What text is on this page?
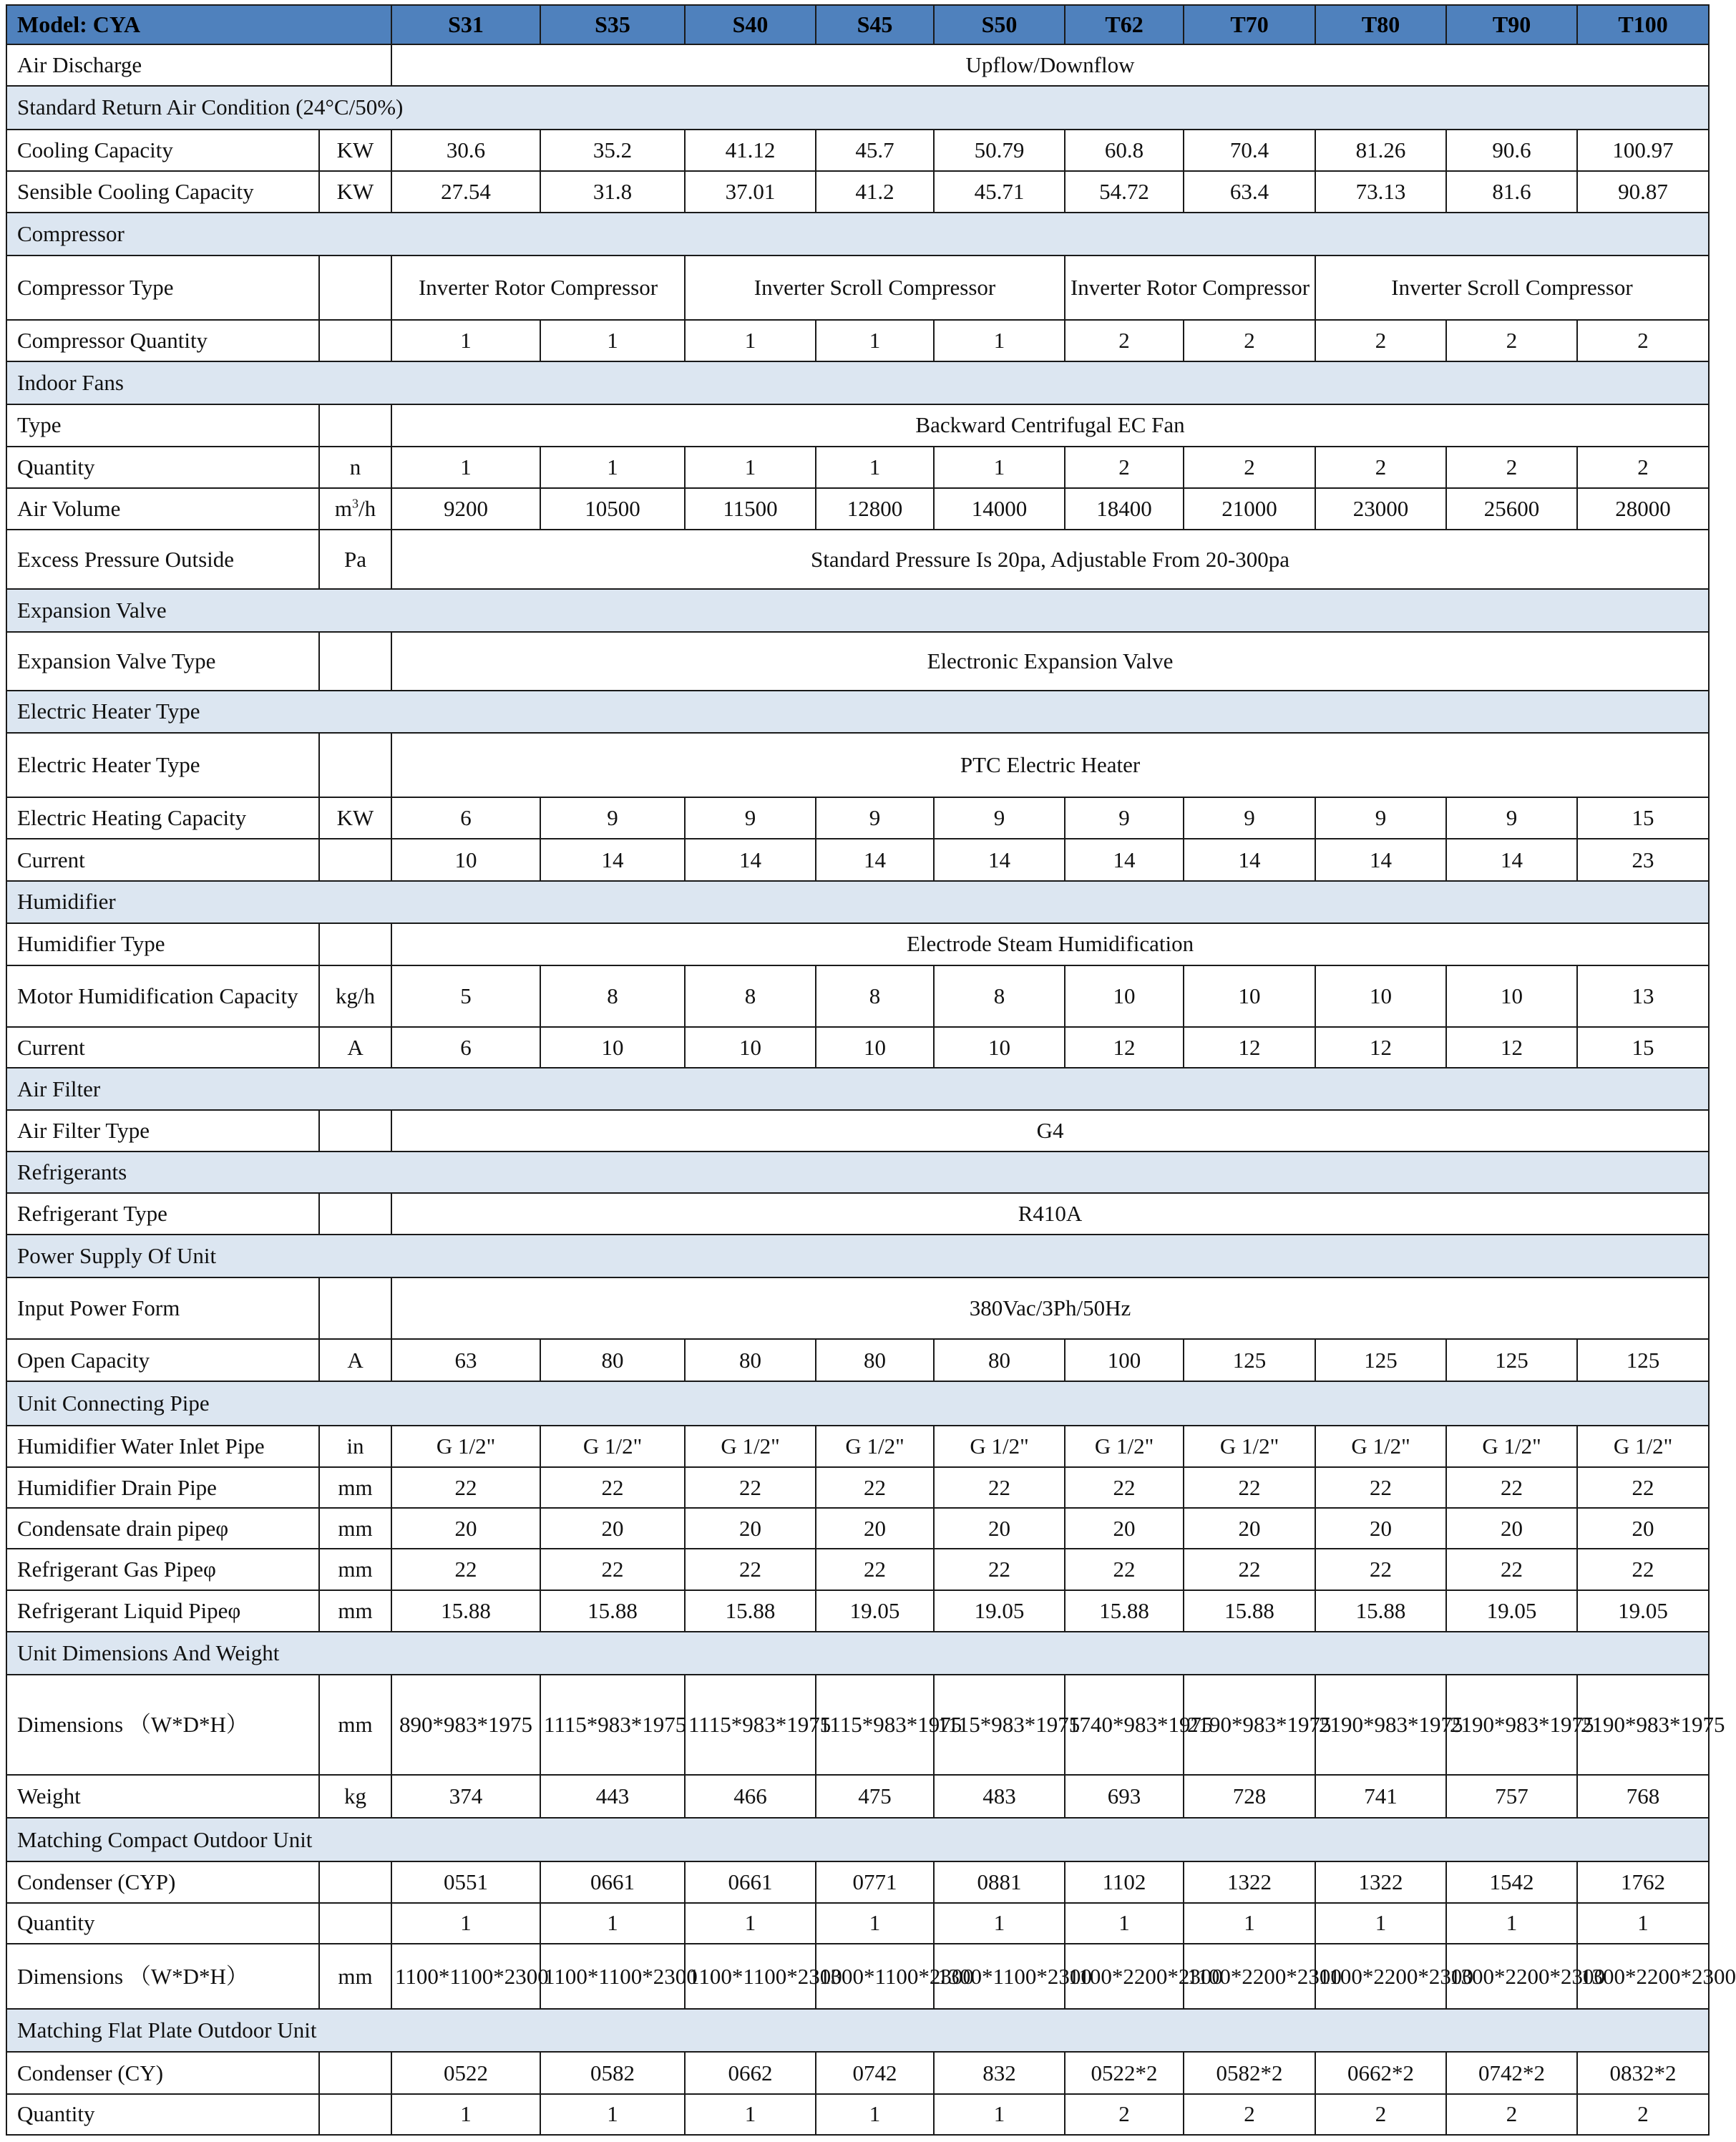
Model: CYA		S31	S35	S40	S45	S50	T62	T70	T80	T90	T100
Air Discharge		Upflow/Downflow									
Standard Return Air Condition (24°C/50%)											
Cooling Capacity	KW	30.6	35.2	41.12	45.7	50.79	60.8	70.4	81.26	90.6	100.97
Sensible Cooling Capacity	KW	27.54	31.8	37.01	41.2	45.71	54.72	63.4	73.13	81.6	90.87
Compressor											
Compressor Type		Inverter Rotor Compressor		Inverter Scroll Compressor			Inverter Rotor Compressor		Inverter Scroll Compressor		
Compressor Quantity		1	1	1	1	1	2	2	2	2	2
Indoor Fans											
Type		Backward Centrifugal EC Fan									
Quantity	n	1	1	1	1	1	2	2	2	2	2
Air Volume	$m^3/h$	9200	10500	11500	12800	14000	18400	21000	23000	25600	28000
Excess Pressure Outside	Pa	Standard Pressure Is 20pa, Adjustable From 20-300pa									
Expansion Valve											
Expansion Valve Type		Electronic Expansion Valve									
Electric Heater Type											
Electric Heater Type		PTC Electric Heater									
Electric Heating Capacity	KW	6	9	9	9	9	9	9	9	9	15
Current		10	14	14	14	14	14	14	14	14	23
Humidifier											
Humidifier Type		Electrode Steam Humidification									
Motor Humidification Capacity	kg/h	5	8	8	8	8	10	10	10	10	13
Current	A	6	10	10	10	10	12	12	12	12	15
Air Filter											
Air Filter Type		G4									
Refrigerants											
Refrigerant Type		R410A									
Power Supply Of Unit											
Input Power Form		380Vac/3Ph/50Hz									
Open Capacity	A	63	80	80	80	80	100	125	125	125	125
Unit Connecting Pipe											
Humidifier Water Inlet Pipe	in	G 1/2"	G 1/2"	G 1/2"	G 1/2"	G 1/2"	G 1/2"	G 1/2"	G 1/2"	G 1/2"	G 1/2"
Humidifier Drain Pipe	mm	22	22	22	22	22	22	22	22	22	22
Condensate drain pipeφ	mm	20	20	20	20	20	20	20	20	20	20
Refrigerant Gas Pipeφ	mm	22	22	22	22	22	22	22	22	22	22
Refrigerant Liquid Pipeφ	mm	15.88	15.88	15.88	19.05	19.05	15.88	15.88	15.88	19.05	19.05
Unit Dimensions And Weight											
Dimensions （W*D*H）	mm	890*983*1975	1115*983*1975	1115*983*1975	1115*983*1975	1115*983*1975	1740*983*1975	2190*983*1975	2190*983*1975	2190*983*1975	2190*983*1975
Weight	kg	374	443	466	475	483	693	728	741	757	768
Matching Compact Outdoor Unit											
Condenser (CYP)		0551	0661	0661	0771	0881	1102	1322	1322	1542	1762
Quantity		1	1	1	1	1	1	1	1	1	1
Dimensions （W*D*H）	mm	1100*1100*2300	1100*1100*2300	1100*1100*2300	1300*1100*2300	1300*1100*2300	1100*2200*2300	1100*2200*2300	1100*2200*2300	1300*2200*2300	1300*2200*2300
Matching Flat Plate Outdoor Unit											
Condenser (CY)		0522	0582	0662	0742	832	0522*2	0582*2	0662*2	0742*2	0832*2
Quantity		1	1	1	1	1	2	2	2	2	2
